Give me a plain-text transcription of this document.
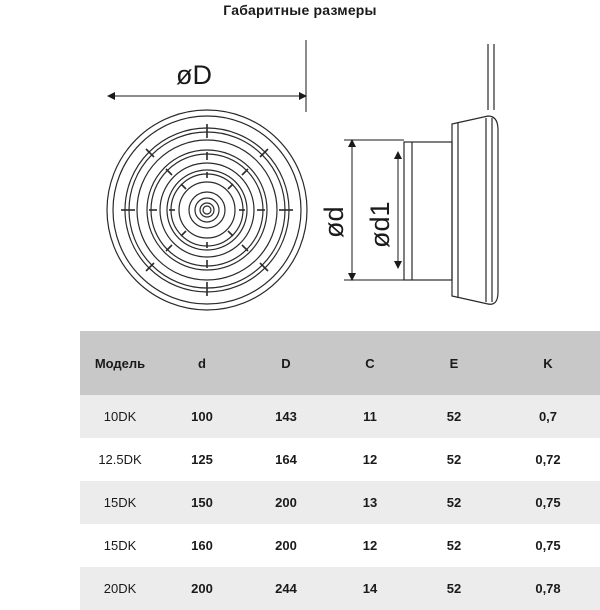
Габаритные размеры
øD
ød ød1
Модель	d	D	C	E	K
10DK	100	143	11	52	0,7
12.5DK	125	164	12	52	0,72
15DK	150	200	13	52	0,75
15DK	160	200	12	52	0,75
20DK	200	244	14	52	0,78
